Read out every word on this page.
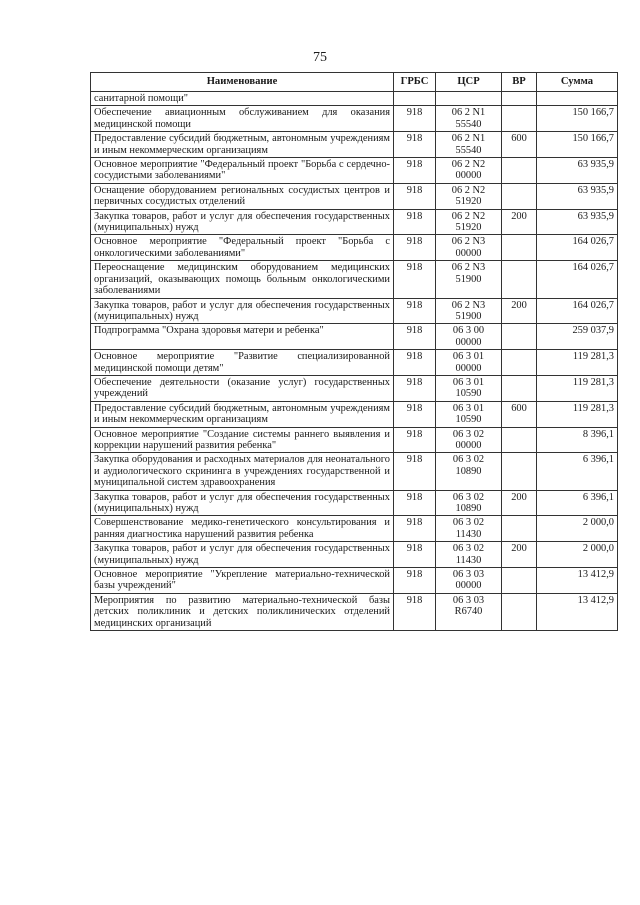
75
Наименование	ГРБС	ЦСР	ВР	Сумма
санитарной помощи"				
Обеспечение авиационным обслуживанием для оказания медицинской помощи	918	06 2 N1 55540		150 166,7
Предоставление субсидий бюджетным, автономным учреждениям и иным некоммерческим организациям	918	06 2 N1 55540	600	150 166,7
Основное мероприятие "Федеральный проект "Борьба с сердечно-сосудистыми заболеваниями"	918	06 2 N2 00000		63 935,9
Оснащение оборудованием региональных сосудистых центров и первичных сосудистых отделений	918	06 2 N2 51920		63 935,9
Закупка товаров, работ и услуг для обеспечения государственных (муниципальных) нужд	918	06 2 N2 51920	200	63 935,9
Основное мероприятие "Федеральный проект "Борьба с онкологическими заболеваниями"	918	06 2 N3 00000		164 026,7
Переоснащение медицинским оборудованием медицинских организаций, оказывающих помощь больным онкологическими заболеваниями	918	06 2 N3 51900		164 026,7
Закупка товаров, работ и услуг для обеспечения государственных (муниципальных) нужд	918	06 2 N3 51900	200	164 026,7
Подпрограмма "Охрана здоровья матери и ребенка"	918	06 3 00 00000		259 037,9
Основное мероприятие "Развитие специализированной медицинской помощи детям"	918	06 3 01 00000		119 281,3
Обеспечение деятельности (оказание услуг) государственных учреждений	918	06 3 01 10590		119 281,3
Предоставление субсидий бюджетным, автономным учреждениям и иным некоммерческим организациям	918	06 3 01 10590	600	119 281,3
Основное мероприятие "Создание системы раннего выявления и коррекции нарушений развития ребенка"	918	06 3 02 00000		8 396,1
Закупка оборудования и расходных материалов для неонатального и аудиологического скрининга в учреждениях государственной и муниципальной систем здравоохранения	918	06 3 02 10890		6 396,1
Закупка товаров, работ и услуг для обеспечения государственных (муниципальных) нужд	918	06 3 02 10890	200	6 396,1
Совершенствование медико-генетического консультирования и ранняя диагностика нарушений развития ребенка	918	06 3 02 11430		2 000,0
Закупка товаров, работ и услуг для обеспечения государственных (муниципальных) нужд	918	06 3 02 11430	200	2 000,0
Основное мероприятие "Укрепление материально-технической базы учреждений"	918	06 3 03 00000		13 412,9
Мероприятия по развитию материально-технической базы детских поликлиник и детских поликлинических отделений медицинских организаций	918	06 3 03 R6740		13 412,9
